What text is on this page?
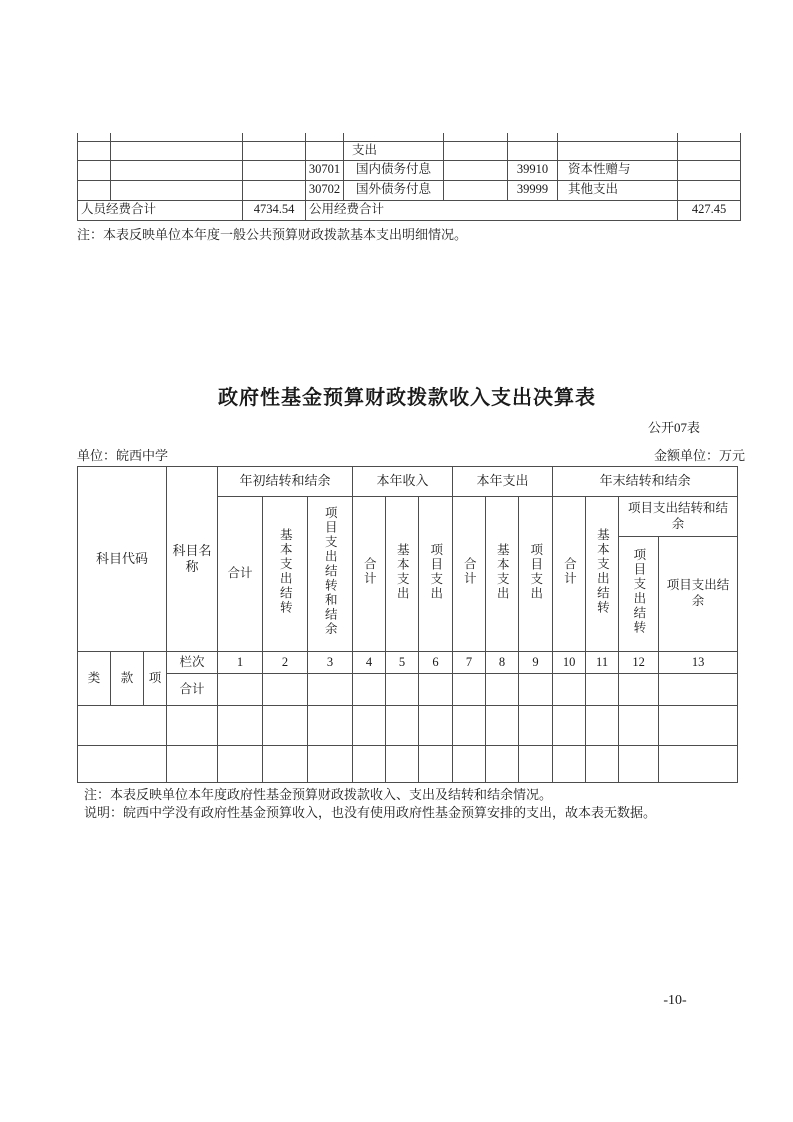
				支出				
			30701	国内债务付息		39910	资本性赠与	
			30702	国外债务付息		39999	其他支出	
人员经费合计		4734.54	公用经费合计					427.45
注：本表反映单位本年度一般公共预算财政拨款基本支出明细情况。
政府性基金预算财政拨款收入支出决算表
公开07表
单位：皖西中学	金额单位：万元
科目代码			科目名称	年初结转和结余			本年收入			本年支出			年末结转和结余			
				合计	基本支出结转	项目支出结转和结余	合计	基本支出	项目支出	合计	基本支出	项目支出	合计	基本支出结转	项目支出结转和结余	
															项目支出结转	项目支出结余
类	款	项	栏次	1	2	3	4	5	6	7	8	9	10	11	12	13
			合计													

注：本表反映单位本年度政府性基金预算财政拨款收入、支出及结转和结余情况。
说明：皖西中学没有政府性基金预算收入，也没有使用政府性基金预算安排的支出，故本表无数据。
-10-
